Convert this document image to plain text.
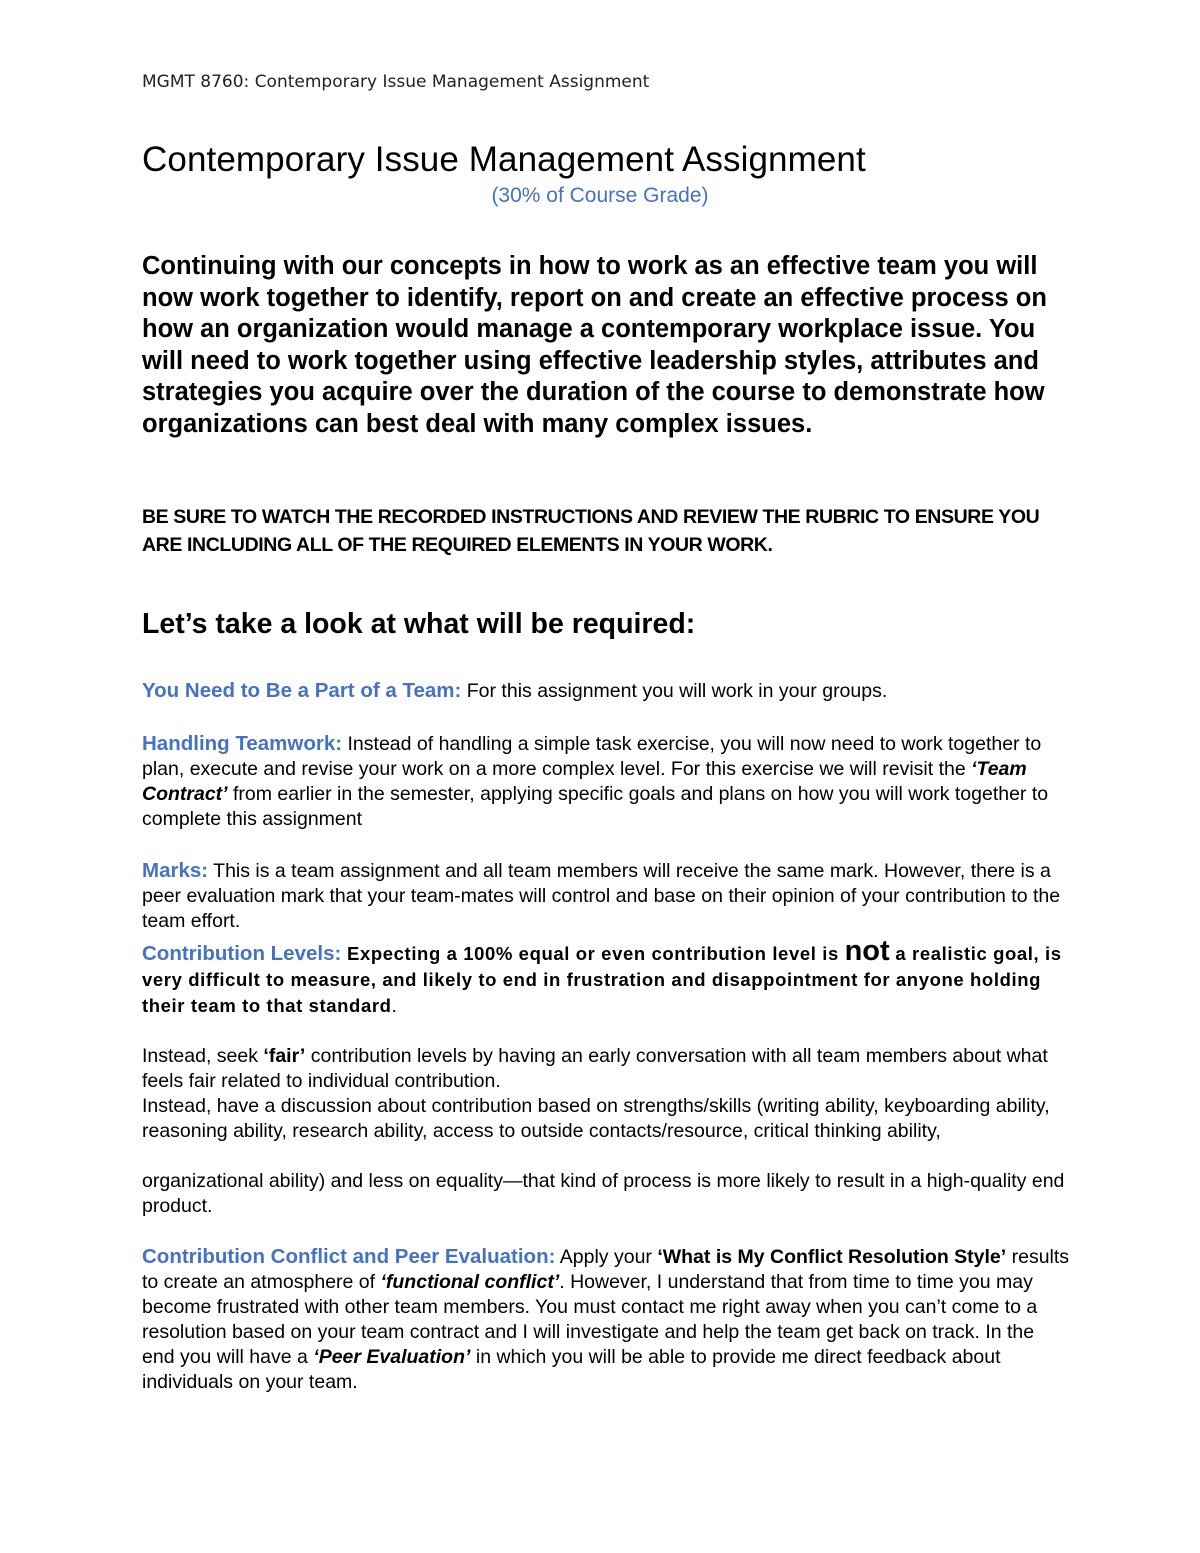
MGMT 8760: Contemporary Issue Management Assignment
Contemporary Issue Management Assignment
(30% of Course Grade)

Continuing with our concepts in how to work as an effective team you will now work together to identify, report on and create an effective process on how an organization would manage a contemporary workplace issue. You will need to work together using effective leadership styles, attributes and strategies you acquire over the duration of the course to demonstrate how organizations can best deal with many complex issues.

BE SURE TO WATCH THE RECORDED INSTRUCTIONS AND REVIEW THE RUBRIC TO ENSURE YOU ARE INCLUDING ALL OF THE REQUIRED ELEMENTS IN YOUR WORK.

Let’s take a look at what will be required:

You Need to Be a Part of a Team: For this assignment you will work in your groups.

Handling Teamwork: Instead of handling a simple task exercise, you will now need to work together to plan, execute and revise your work on a more complex level. For this exercise we will revisit the ‘Team Contract’ from earlier in the semester, applying specific goals and plans on how you will work together to complete this assignment

Marks: This is a team assignment and all team members will receive the same mark. However, there is a peer evaluation mark that your team-mates will control and base on their opinion of your contribution to the team effort.

Contribution Levels: Expecting a 100% equal or even contribution level is not a realistic goal, is very difficult to measure, and likely to end in frustration and disappointment for anyone holding their team to that standard.

Instead, seek ‘fair’ contribution levels by having an early conversation with all team members about what feels fair related to individual contribution.

Instead, have a discussion about contribution based on strengths/skills (writing ability, keyboarding ability, reasoning ability, research ability, access to outside contacts/resource, critical thinking ability,

organizational ability) and less on equality—that kind of process is more likely to result in a high-quality end product.

Contribution Conflict and Peer Evaluation: Apply your ‘What is My Conflict Resolution Style’ results to create an atmosphere of ‘functional conflict’. However, I understand that from time to time you may become frustrated with other team members. You must contact me right away when you can’t come to a resolution based on your team contract and I will investigate and help the team get back on track. In the end you will have a ‘Peer Evaluation’ in which you will be able to provide me direct feedback about individuals on your team.
